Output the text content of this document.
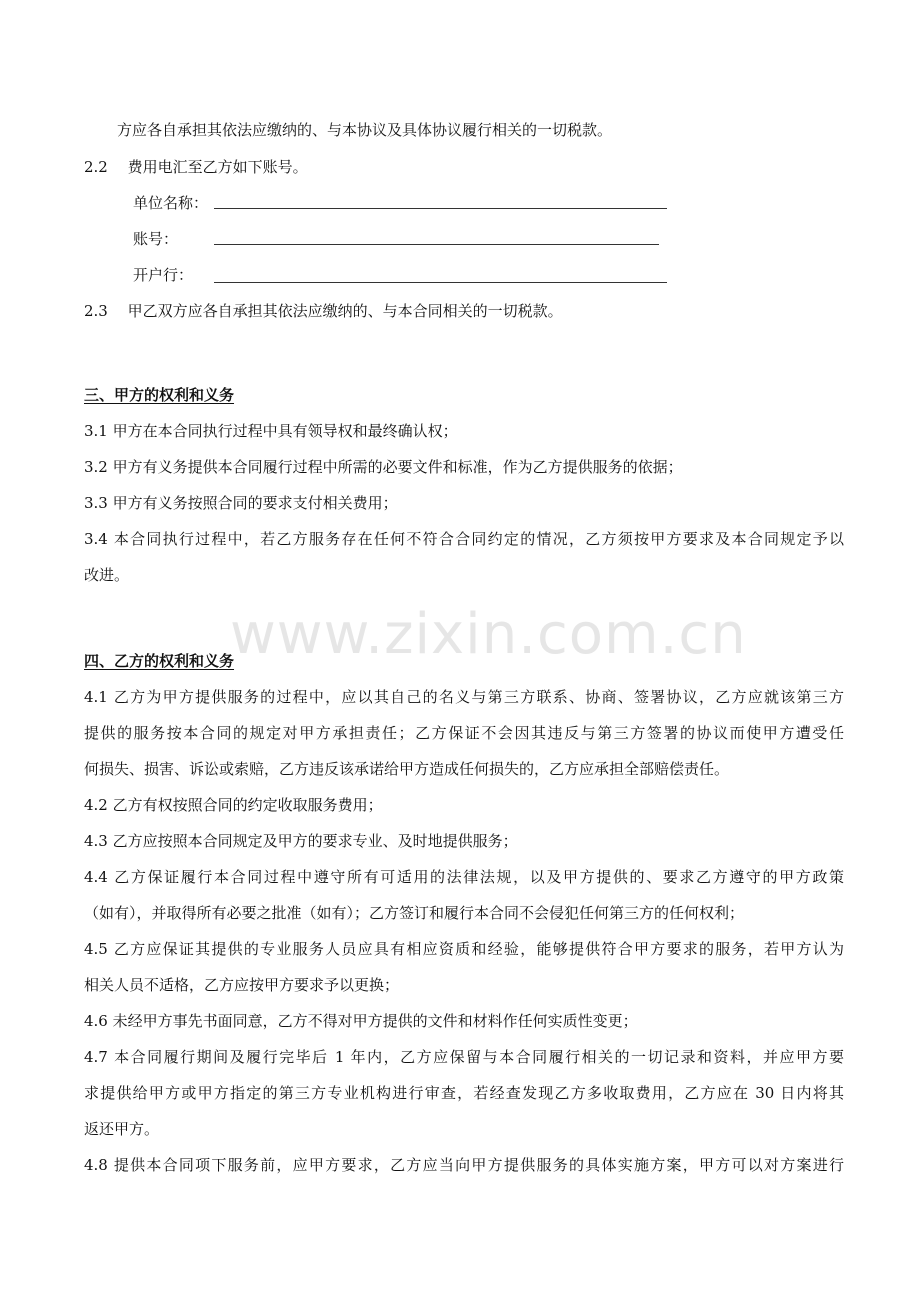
www.zixin.com.cn
方应各自承担其依法应缴纳的、与本协议及具体协议履行相关的一切税款。
2.2　 费用电汇至乙方如下账号。
单位名称：
账号：
开户行：
2.3　 甲乙双方应各自承担其依法应缴纳的、与本合同相关的一切税款。
三、甲方的权利和义务
3.1 甲方在本合同执行过程中具有领导权和最终确认权；
3.2 甲方有义务提供本合同履行过程中所需的必要文件和标准，作为乙方提供服务的依据；
3.3 甲方有义务按照合同的要求支付相关费用；
3.4 本合同执行过程中，若乙方服务存在任何不符合合同约定的情况，乙方须按甲方要求及本合同规定予以
改进。
四、乙方的权利和义务
4.1 乙方为甲方提供服务的过程中，应以其自己的名义与第三方联系、协商、签署协议，乙方应就该第三方
提供的服务按本合同的规定对甲方承担责任；乙方保证不会因其违反与第三方签署的协议而使甲方遭受任
何损失、损害、诉讼或索赔，乙方违反该承诺给甲方造成任何损失的，乙方应承担全部赔偿责任。
4.2 乙方有权按照合同的约定收取服务费用；
4.3 乙方应按照本合同规定及甲方的要求专业、及时地提供服务；
4.4 乙方保证履行本合同过程中遵守所有可适用的法律法规，以及甲方提供的、要求乙方遵守的甲方政策
（如有），并取得所有必要之批准（如有）；乙方签订和履行本合同不会侵犯任何第三方的任何权利；
4.5 乙方应保证其提供的专业服务人员应具有相应资质和经验，能够提供符合甲方要求的服务，若甲方认为
相关人员不适格，乙方应按甲方要求予以更换；
4.6 未经甲方事先书面同意，乙方不得对甲方提供的文件和材料作任何实质性变更；
4.7 本合同履行期间及履行完毕后 1 年内，乙方应保留与本合同履行相关的一切记录和资料，并应甲方要
求提供给甲方或甲方指定的第三方专业机构进行审查，若经查发现乙方多收取费用，乙方应在 30 日内将其
返还甲方。
4.8 提供本合同项下服务前，应甲方要求，乙方应当向甲方提供服务的具体实施方案，甲方可以对方案进行
